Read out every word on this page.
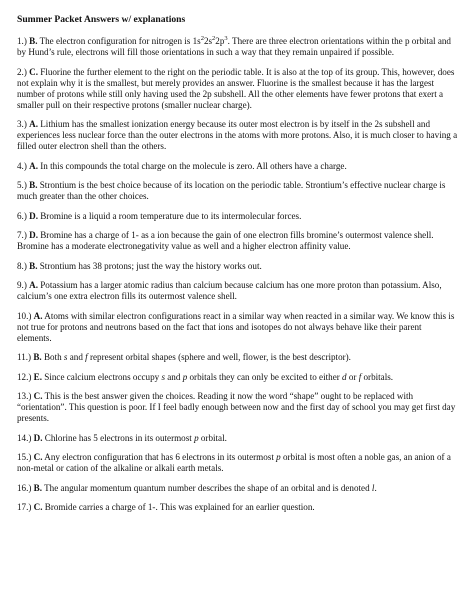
Summer Packet Answers w/ explanations
1.) B. The electron configuration for nitrogen is $1s^22s^22p^3$. There are three electron orientations within the p orbital and by Hund’s rule, electrons will fill those orientations in such a way that they remain unpaired if possible.
2.) C. Fluorine the further element to the right on the periodic table. It is also at the top of its group. This, however, does not explain why it is the smallest, but merely provides an answer. Fluorine is the smallest because it has the largest number of protons while still only having used the 2p subshell. All the other elements have fewer protons that exert a smaller pull on their respective protons (smaller nuclear charge).
3.) A. Lithium has the smallest ionization energy because its outer most electron is by itself in the 2s subshell and experiences less nuclear force than the outer electrons in the atoms with more protons. Also, it is much closer to having a filled outer electron shell than the others.
4.) A. In this compounds the total charge on the molecule is zero. All others have a charge.
5.) B. Strontium is the best choice because of its location on the periodic table. Strontium’s effective nuclear charge is much greater than the other choices.
6.) D. Bromine is a liquid a room temperature due to its intermolecular forces.
7.) D. Bromine has a charge of 1- as a ion because the gain of one electron fills bromine’s outermost valence shell. Bromine has a moderate electronegativity value as well and a higher electron affinity value.
8.) B. Strontium has 38 protons; just the way the history works out.
9.) A. Potassium has a larger atomic radius than calcium because calcium has one more proton than potassium. Also, calcium’s one extra electron fills its outermost valence shell.
10.) A. Atoms with similar electron configurations react in a similar way when reacted in a similar way. We know this is not true for protons and neutrons based on the fact that ions and isotopes do not always behave like their parent elements.
11.) B. Both s and f represent orbital shapes (sphere and well, flower, is the best descriptor).
12.) E. Since calcium electrons occupy s and p orbitals they can only be excited to either d or f orbitals.
13.) C. This is the best answer given the choices. Reading it now the word “shape” ought to be replaced with “orientation”. This question is poor. If I feel badly enough between now and the first day of school you may get first day presents.
14.) D. Chlorine has 5 electrons in its outermost p orbital.
15.) C. Any electron configuration that has 6 electrons in its outermost p orbital is most often a noble gas, an anion of a non-metal or cation of the alkaline or alkali earth metals.
16.) B. The angular momentum quantum number describes the shape of an orbital and is denoted l.
17.) C. Bromide carries a charge of 1-. This was explained for an earlier question.
